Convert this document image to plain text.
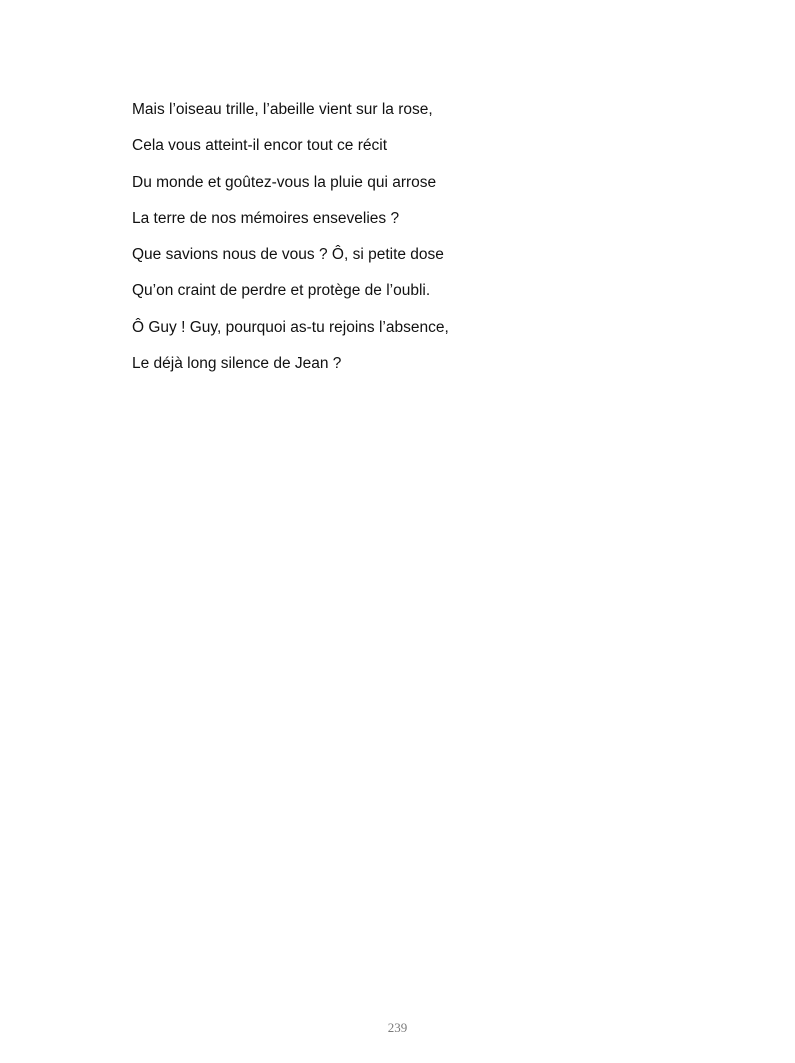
Mais l’oiseau trille, l’abeille vient sur la rose,
Cela vous atteint-il encor tout ce récit
Du monde et goûtez-vous la pluie qui arrose
La terre de nos mémoires ensevelies ?
Que savions nous de vous ? Ô, si petite dose
Qu’on craint de perdre et protège de l’oubli.
Ô Guy ! Guy, pourquoi as-tu rejoins l’absence,
Le déjà long silence de Jean ?
239
